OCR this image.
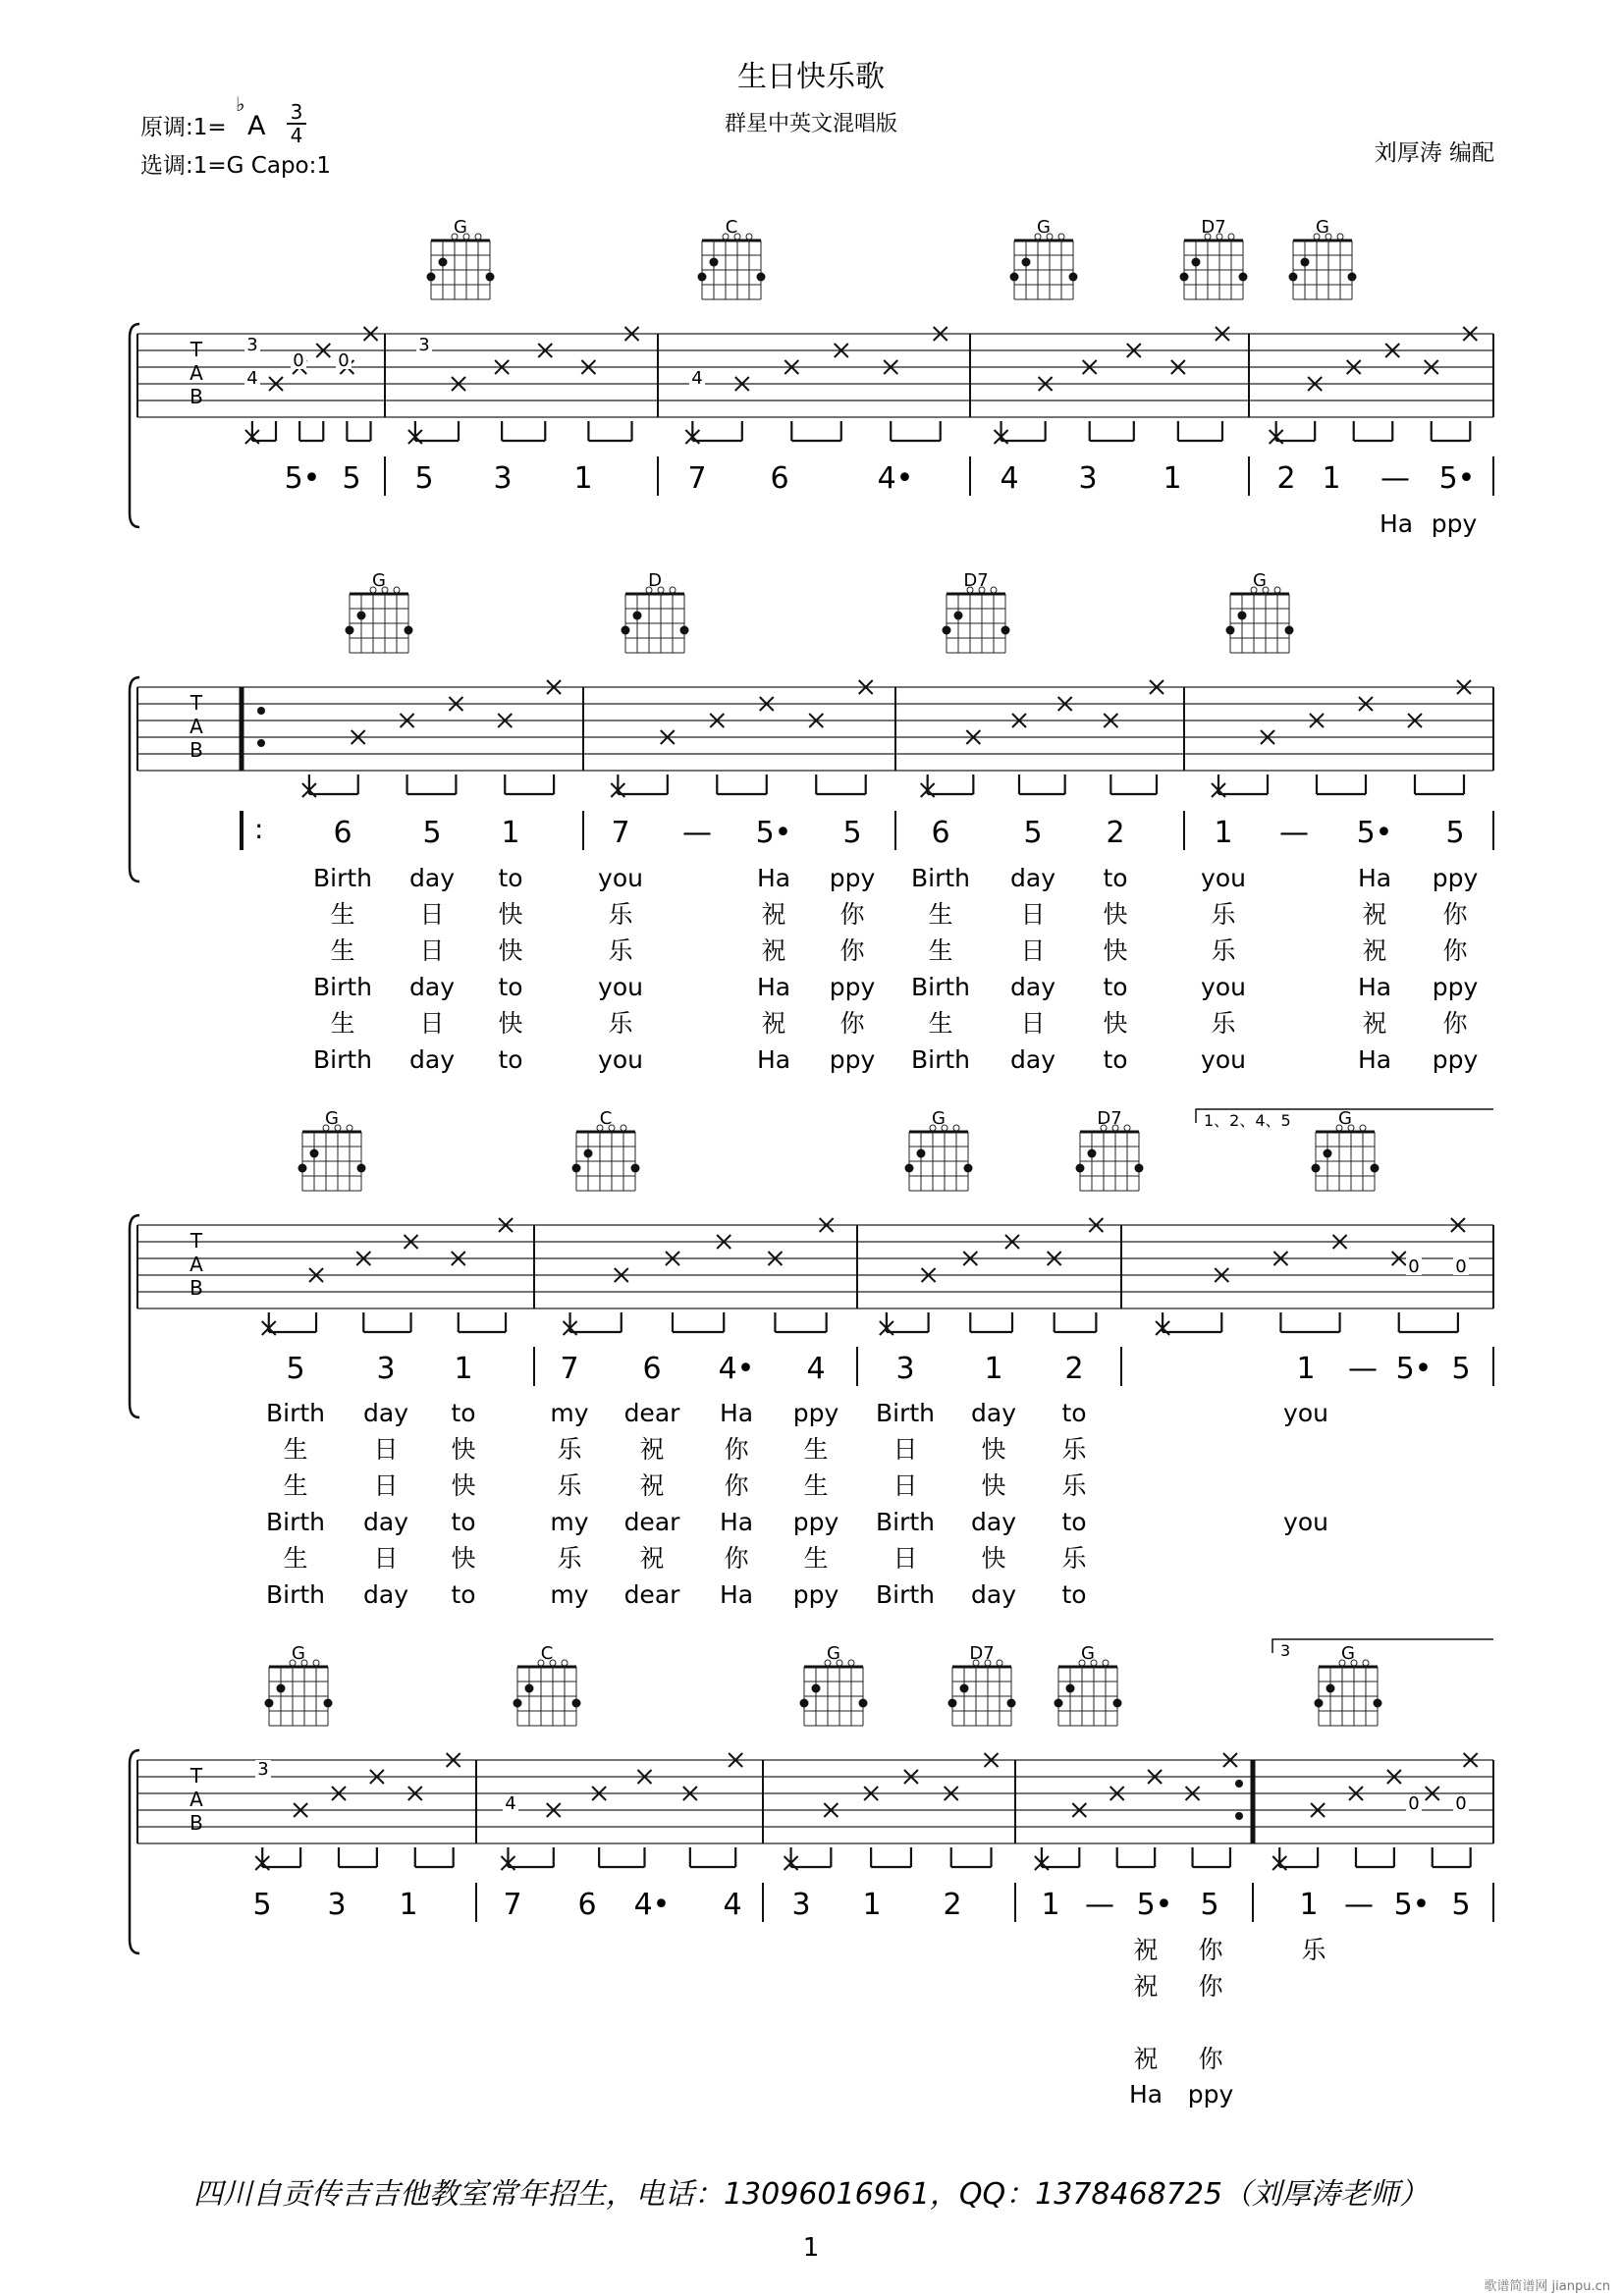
生日快乐歌
群星中英文混唱版
原调:1=
♭
A 3
4
选调:1=G Capo:1	刘厚涛 编配
T
A
B
T
A
B
T
A
B
T
A
B
G	C	G	D7	G
G	D	D7	G
G	C	G	D7	G
G	C	G	D7	G	G
3
4
0 0
3
4
0 0
3
4	0 0
5• 5 5 3 1	7 6	4•	4 3 1	2 1 — 5•
6 5 1	7 — 5• 5 6 5 2	1 — 5• 5
5 3 1	7 6 4• 4 3 1 2	1 — 5• 5
5 3 1	7 6 4• 4 3 1 2	1 — 5• 5	1 — 5• 5
Ha ppy
Birth day to	you	Ha ppy Birth day to	you	Ha ppy
生	日 快	乐	祝 你	生	日 快	乐	祝 你
生	日 快	乐	祝 你	生	日 快	乐	祝 你
Birth day to	you	Ha ppy Birth day to	you	Ha ppy
生	日 快	乐	祝 你	生	日 快	乐	祝 你
Birth day to	you	Ha ppy Birth day to	you	Ha ppy
Birth day to	my dear Ha ppy Birth day to	you
生	日 快	乐 祝 你 生	日	快 乐
生	日 快	乐 祝 你 生	日	快 乐
Birth day to	my dear Ha ppy Birth day to	you
生	日 快	乐 祝 你 生	日	快 乐
Birth day to	my dear Ha ppy Birth day to
祝 你	乐
祝 你
祝 你
Ha ppy
:
1、2、4、5
3
四川自贡传吉吉他教室常年招生，电话：13096016961，QQ：1378468725（刘厚涛老师）
1
歌谱简谱网 jianpu.cn
